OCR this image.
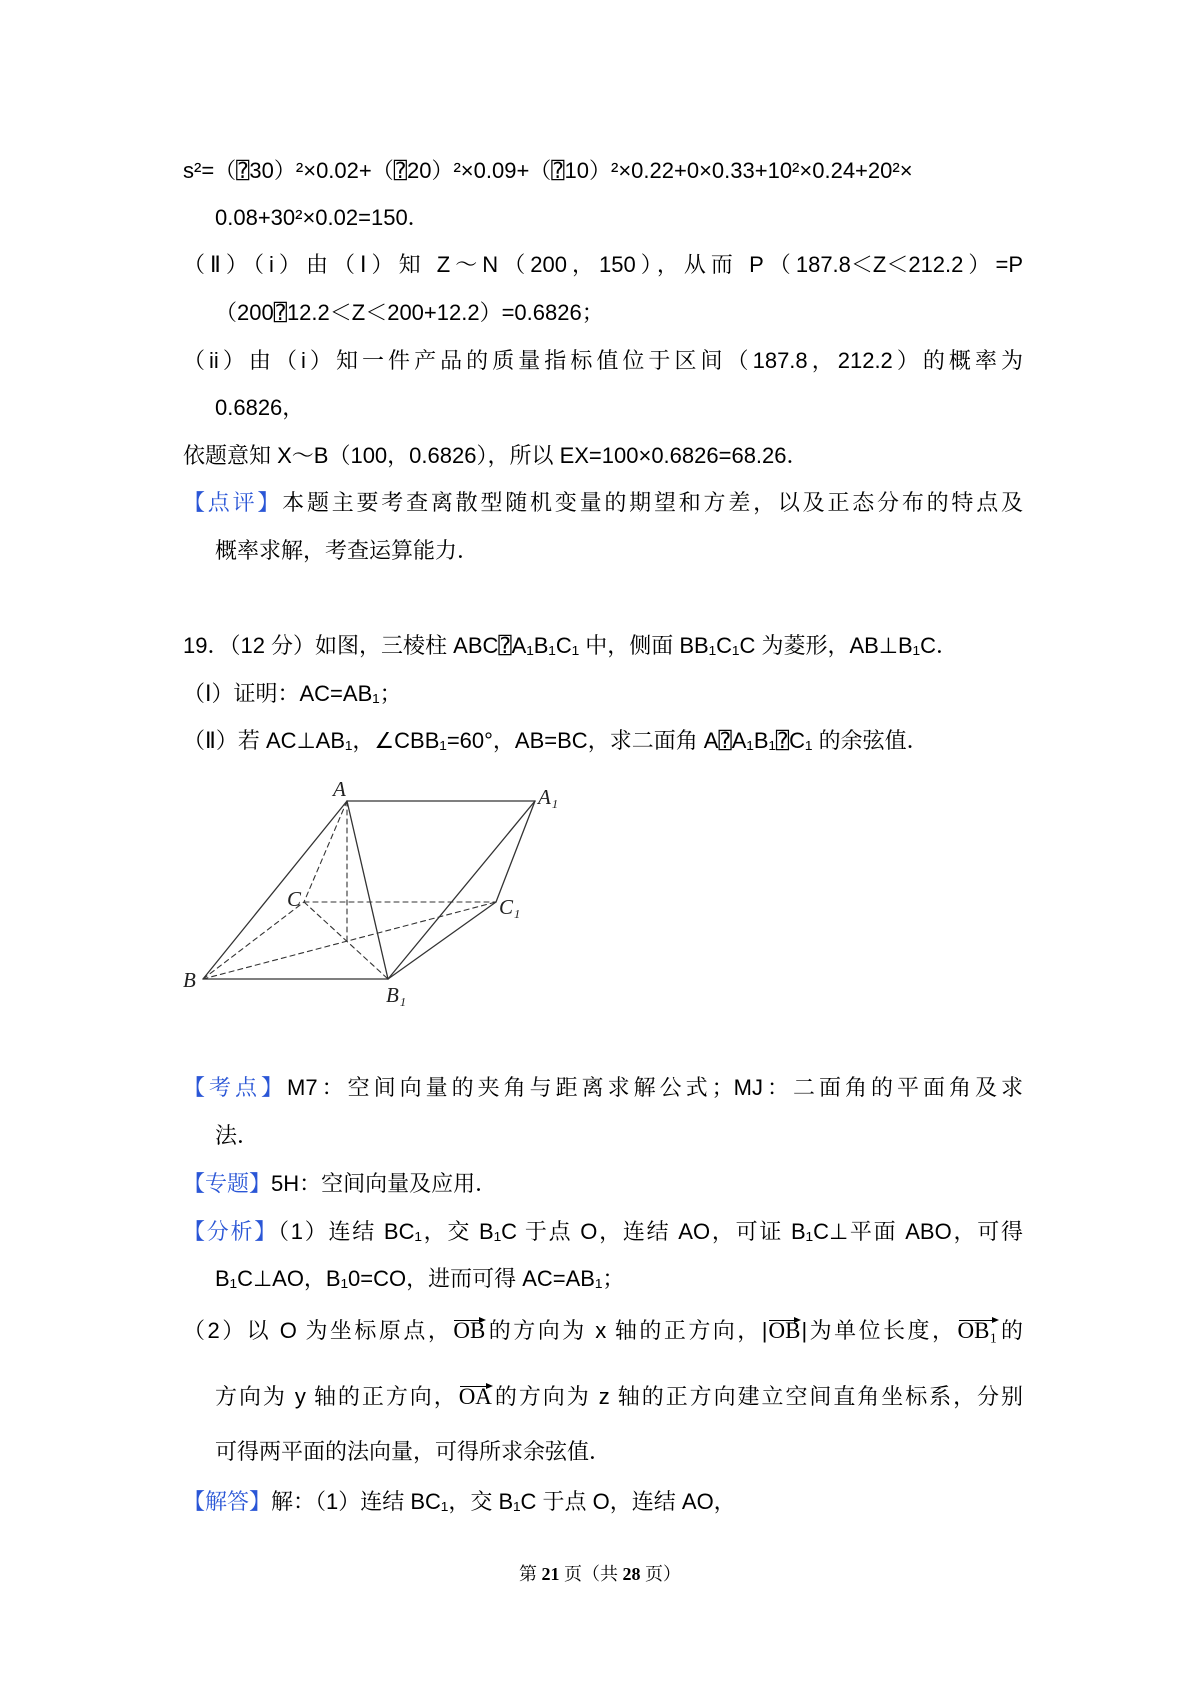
s²=（⍰30）²×0.02+（⍰20）²×0.09+（⍰10）²×0.22+0×0.33+10²×0.24+20²×
0.08+30²×0.02=150．
（Ⅱ）（i）由（Ⅰ）知 Z～N（200，150），从而 P（187.8＜Z＜212.2）=P
（200⍰12.2＜Z＜200+12.2）=0.6826；
（ii）由（i）知一件产品的质量指标值位于区间（187.8，212.2）的概率为
0.6826，
依题意知 X～B（100，0.6826），所以 EX=100×0.6826=68.26．
【点评】本题主要考查离散型随机变量的期望和方差，以及正态分布的特点及
概率求解，考查运算能力．
19．（12 分）如图，三棱柱 ABC⍰A₁B₁C₁ 中，侧面 BB₁C₁C 为菱形，AB⊥B₁C．
（Ⅰ）证明：AC=AB₁；
（Ⅱ）若 AC⊥AB₁，∠CBB₁=60°，AB=BC，求二面角 A⍰A₁B₁⍰C₁ 的余弦值．
A	A₁
C	C₁
B
B₁
【考点】M7：空间向量的夹角与距离求解公式；MJ：二面角的平面角及求
法．
【专题】5H：空间向量及应用．
【分析】（1）连结 BC₁，交 B₁C 于点 O，连结 AO，可证 B₁C⊥平面 ABO，可得
B₁C⊥AO，B₁0=CO，进而可得 AC=AB₁；
（2）以 O 为坐标原点，OB的方向为 x 轴的正方向，|OB|为单位长度，OB₁的
方向为 y 轴的正方向，OA的方向为 z 轴的正方向建立空间直角坐标系，分别
可得两平面的法向量，可得所求余弦值．
【解答】解：（1）连结 BC₁，交 B₁C 于点 O，连结 AO，
第 21 页（共 28 页）
